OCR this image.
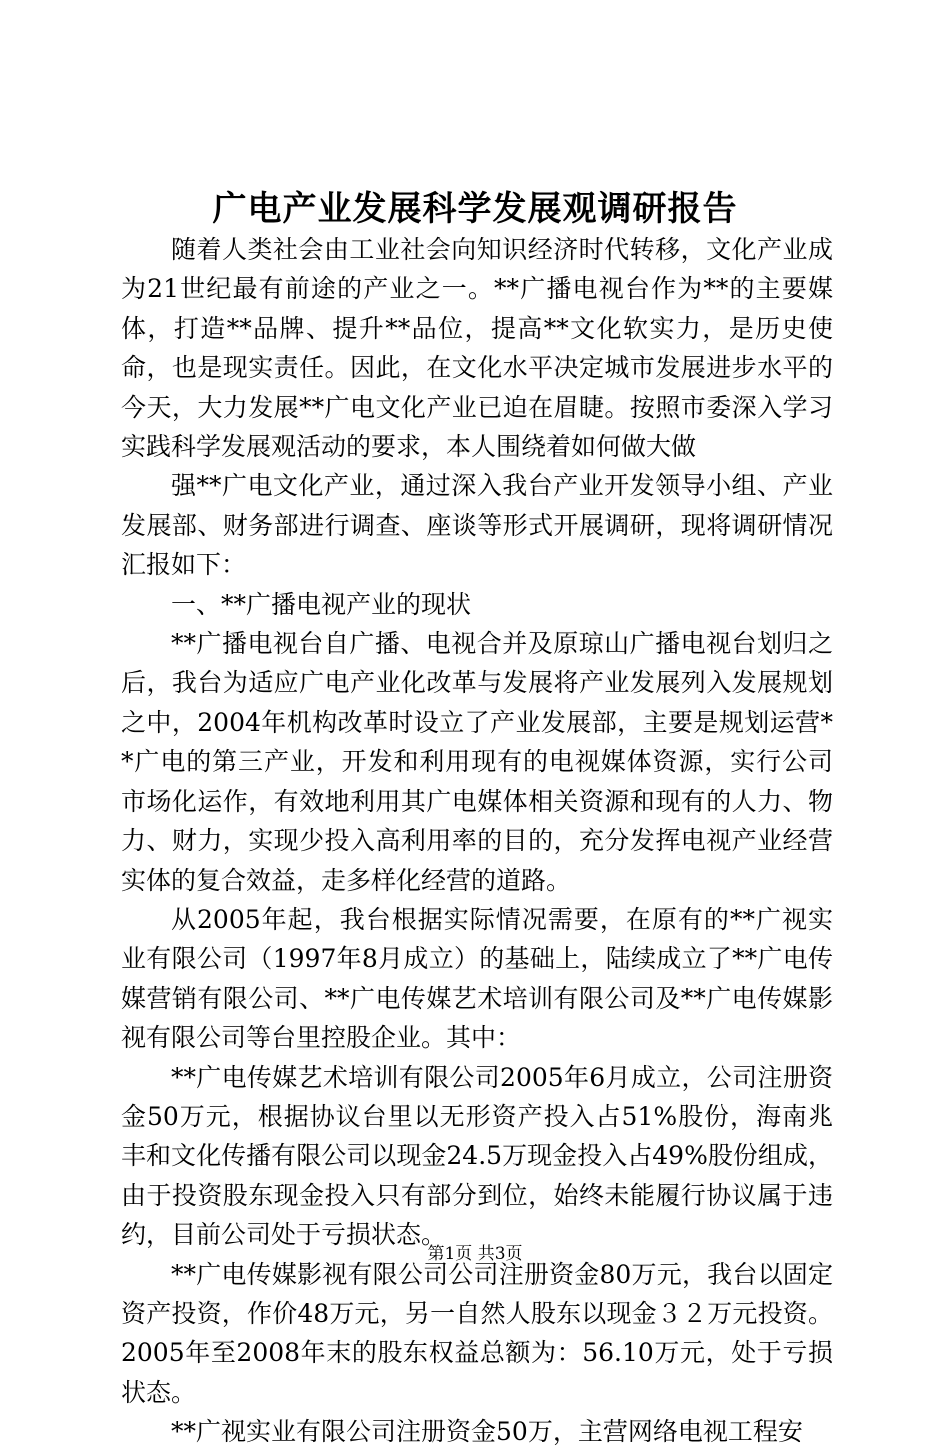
广电产业发展科学发展观调研报告

随着人类社会由工业社会向知识经济时代转移，文化产业成为21世纪最有前途的产业之一。**广播电视台作为**的主要媒体，打造**品牌、提升**品位，提高**文化软实力，是历史使命，也是现实责任。因此，在文化水平决定城市发展进步水平的今天，大力发展**广电文化产业已迫在眉睫。按照市委深入学习实践科学发展观活动的要求，本人围绕着如何做大做

强**广电文化产业，通过深入我台产业开发领导小组、产业发展部、财务部进行调查、座谈等形式开展调研，现将调研情况汇报如下：

一、**广播电视产业的现状

**广播电视台自广播、电视合并及原琼山广播电视台划归之后，我台为适应广电产业化改革与发展将产业发展列入发展规划之中，2004年机构改革时设立了产业发展部，主要是规划运营**广电的第三产业，开发和利用现有的电视媒体资源，实行公司市场化运作，有效地利用其广电媒体相关资源和现有的人力、物力、财力，实现少投入高利用率的目的，充分发挥电视产业经营实体的复合效益，走多样化经营的道路。

从2005年起，我台根据实际情况需要，在原有的**广视实业有限公司（1997年8月成立）的基础上，陆续成立了**广电传媒营销有限公司、**广电传媒艺术培训有限公司及**广电传媒影视有限公司等台里控股企业。其中：

**广电传媒艺术培训有限公司2005年6月成立，公司注册资金50万元，根据协议台里以无形资产投入占51%股份，海南兆丰和文化传播有限公司以现金24.5万现金投入占49%股份组成，由于投资股东现金投入只有部分到位，始终未能履行协议属于违约，目前公司处于亏损状态。

**广电传媒影视有限公司公司注册资金80万元，我台以固定资产投资，作价48万元，另一自然人股东以现金３２万元投资。2005年至2008年末的股东权益总额为：56.10万元，处于亏损状态。

**广视实业有限公司注册资金50万，主营网络电视工程安

第1页 共3页
